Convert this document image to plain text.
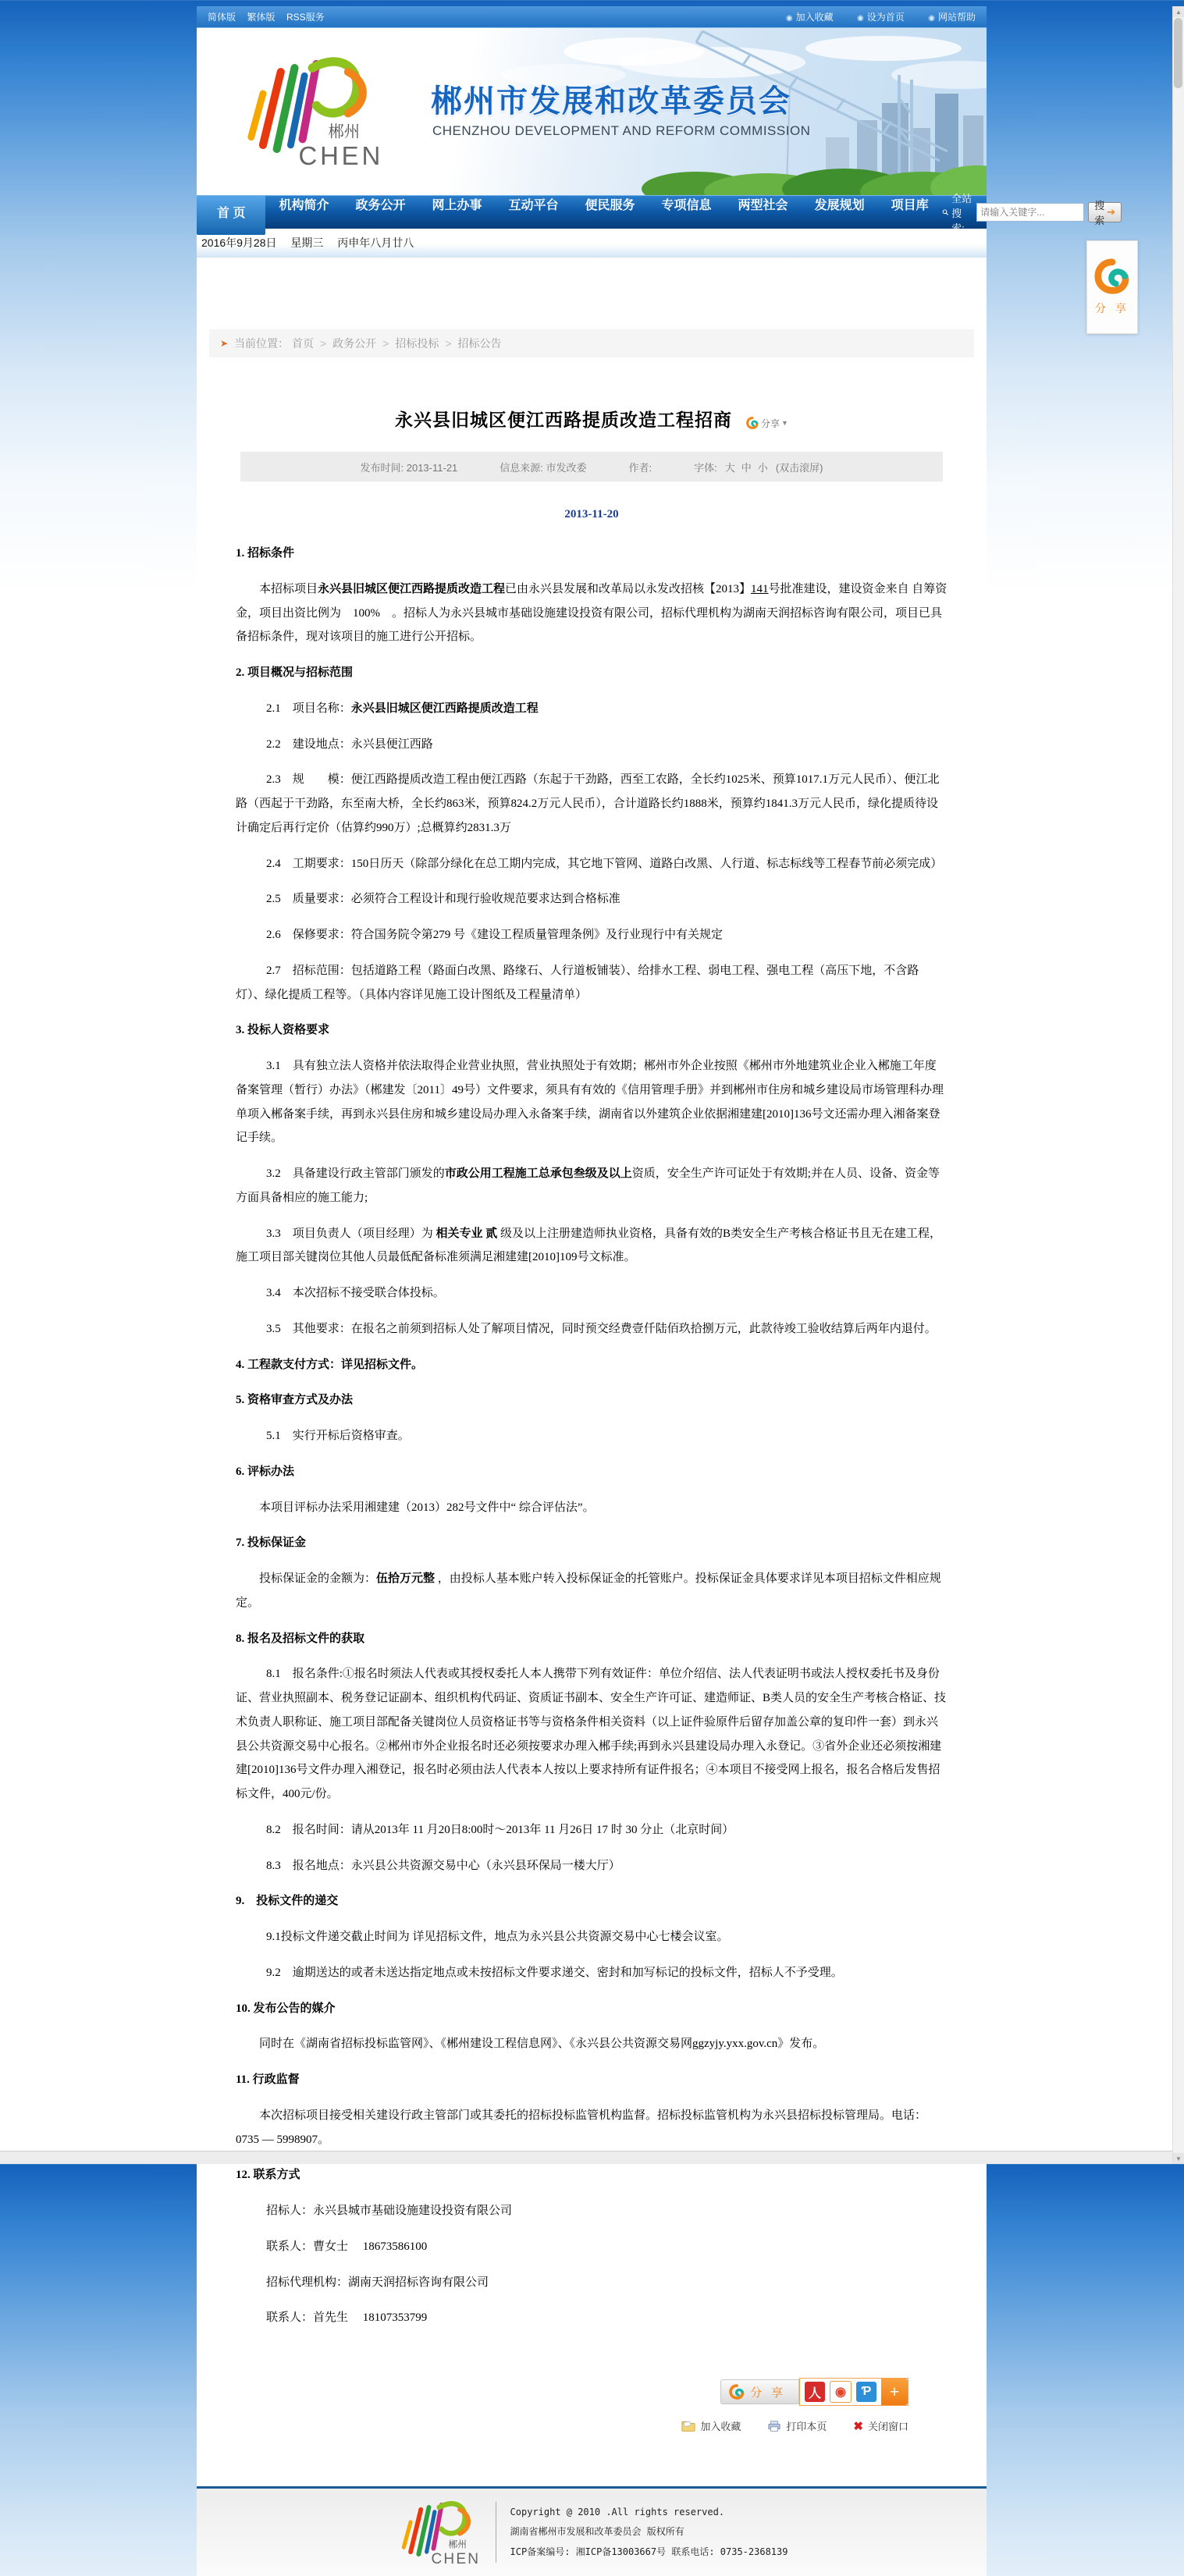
简体版 繁体版 RSS服务	◉ 加入收藏	◉ 设为首页	◉ 网站帮助
郴州
CHEN
郴州市发展和改革委员会
CHENZHOU DEVELOPMENT AND REFORM COMMISSION
首 页
机构简介	政务公开	网上办事	互动平台	便民服务	专项信息	两型社会	发展规划	项目库
全站搜索:
请输入关键字...
搜索
➔
2016年9月28日　 星期三 　丙申年八月廿八
➤ 当前位置：
首页 > 政务公开 > 招标投标 > 招标公告
永兴县旧城区便江西路提质改造工程招商	分享 ▼
发布时间: 2013-11-21	信息来源: 市发改委	作者:	字体: 大 中 小 (双击滚屏)
2013-11-20

1. 招标条件

本招标项目永兴县旧城区便江西路提质改造工程已由永兴县发展和改革局以永发改招核【2013】141号批准建设，建设资金来自 自筹资金，项目出资比例为　100%　。招标人为永兴县城市基础设施建设投资有限公司，招标代理机构为湖南天润招标咨询有限公司，项目已具备招标条件，现对该项目的施工进行公开招标。

2. 项目概况与招标范围

2.1　项目名称：永兴县旧城区便江西路提质改造工程

2.2　建设地点：永兴县便江西路

2.3　规　　模：便江西路提质改造工程由便江西路（东起于干劲路，西至工农路，全长约1025米、预算1017.1万元人民币）、便江北路（西起于干劲路，东至南大桥，全长约863米，预算824.2万元人民币），合计道路长约1888米，预算约1841.3万元人民币，绿化提质待设计确定后再行定价（估算约990万）;总概算约2831.3万

2.4　工期要求：150日历天（除部分绿化在总工期内完成，其它地下管网、道路白改黑、人行道、标志标线等工程春节前必须完成）

2.5　质量要求：必须符合工程设计和现行验收规范要求达到合格标准

2.6　保修要求：符合国务院令第279 号《建设工程质量管理条例》及行业现行中有关规定

2.7　招标范围：包括道路工程（路面白改黑、路缘石、人行道板铺装）、给排水工程、弱电工程、强电工程（高压下地，不含路灯）、绿化提质工程等。（具体内容详见施工设计图纸及工程量清单）

3. 投标人资格要求

3.1　具有独立法人资格并依法取得企业营业执照，营业执照处于有效期；郴州市外企业按照《郴州市外地建筑业企业入郴施工年度备案管理（暂行）办法》（郴建发〔2011〕49号）文件要求，须具有有效的《信用管理手册》并到郴州市住房和城乡建设局市场管理科办理单项入郴备案手续，再到永兴县住房和城乡建设局办理入永备案手续，湖南省以外建筑企业依据湘建建[2010]136号文还需办理入湘备案登记手续。

3.2　具备建设行政主管部门颁发的市政公用工程施工总承包叁级及以上资质，安全生产许可证处于有效期;并在人员、设备、资金等方面具备相应的施工能力;

3.3　项目负责人（项目经理）为 相关专业 贰 级及以上注册建造师执业资格，具备有效的B类安全生产考核合格证书且无在建工程，施工项目部关键岗位其他人员最低配备标准须满足湘建建[2010]109号文标准。

3.4　本次招标不接受联合体投标。

3.5　其他要求：在报名之前须到招标人处了解项目情况，同时预交经费壹仟陆佰玖拾捌万元，此款待竣工验收结算后两年内退付。

4. 工程款支付方式：详见招标文件。

5. 资格审查方式及办法

5.1　实行开标后资格审查。

6. 评标办法

本项目评标办法采用湘建建（2013）282号文件中“ 综合评估法”。

7. 投标保证金

投标保证金的金额为：伍拾万元整 ，由投标人基本账户转入投标保证金的托管账户。投标保证金具体要求详见本项目招标文件相应规定。

8. 报名及招标文件的获取

8.1　报名条件:①报名时须法人代表或其授权委托人本人携带下列有效证件：单位介绍信、法人代表证明书或法人授权委托书及身份证、营业执照副本、税务登记证副本、组织机构代码证、资质证书副本、安全生产许可证、建造师证、B类人员的安全生产考核合格证、技术负责人职称证、施工项目部配备关键岗位人员资格证书等与资格条件相关资料（以上证件验原件后留存加盖公章的复印件一套）到永兴县公共资源交易中心报名。②郴州市外企业报名时还必须按要求办理入郴手续;再到永兴县建设局办理入永登记。③省外企业还必须按湘建建[2010]136号文件办理入湘登记，报名时必须由法人代表本人按以上要求持所有证件报名；④本项目不接受网上报名，报名合格后发售招标文件，400元/份。

8.2　报名时间：请从2013年 11 月20日8:00时～2013年 11 月26日 17 时 30 分止（北京时间）

8.3　报名地点：永兴县公共资源交易中心（永兴县环保局一楼大厅）

9.　投标文件的递交

9.1投标文件递交截止时间为 详见招标文件，地点为永兴县公共资源交易中心七楼会议室。

9.2　逾期送达的或者未送达指定地点或未按招标文件要求递交、密封和加写标记的投标文件，招标人不予受理。

10. 发布公告的媒介

同时在《湖南省招标投标监管网》、《郴州建设工程信息网》、《永兴县公共资源交易网ggzyjy.yxx.gov.cn》发布。

11. 行政监督

本次招标项目接受相关建设行政主管部门或其委托的招标投标监管机构监督。招标投标监管机构为永兴县招标投标管理局。电话：0735 — 5998907。

12. 联系方式

招标人：永兴县城市基础设施建设投资有限公司

联系人：曹女士　 18673586100

招标代理机构：湖南天润招标咨询有限公司

联系人：首先生　 18107353799

分 享	人	◉	Ƥ	+
加入收藏	打印本页 ✖ 关闭窗口
郴州
CHEN
Copyright @ 2010 .All rights reserved.
湖南省郴州市发展和改革委员会 版权所有
ICP备案编号: 湘ICP备13003667号 联系电话: 0735-2368139
分 享
▲
▼
